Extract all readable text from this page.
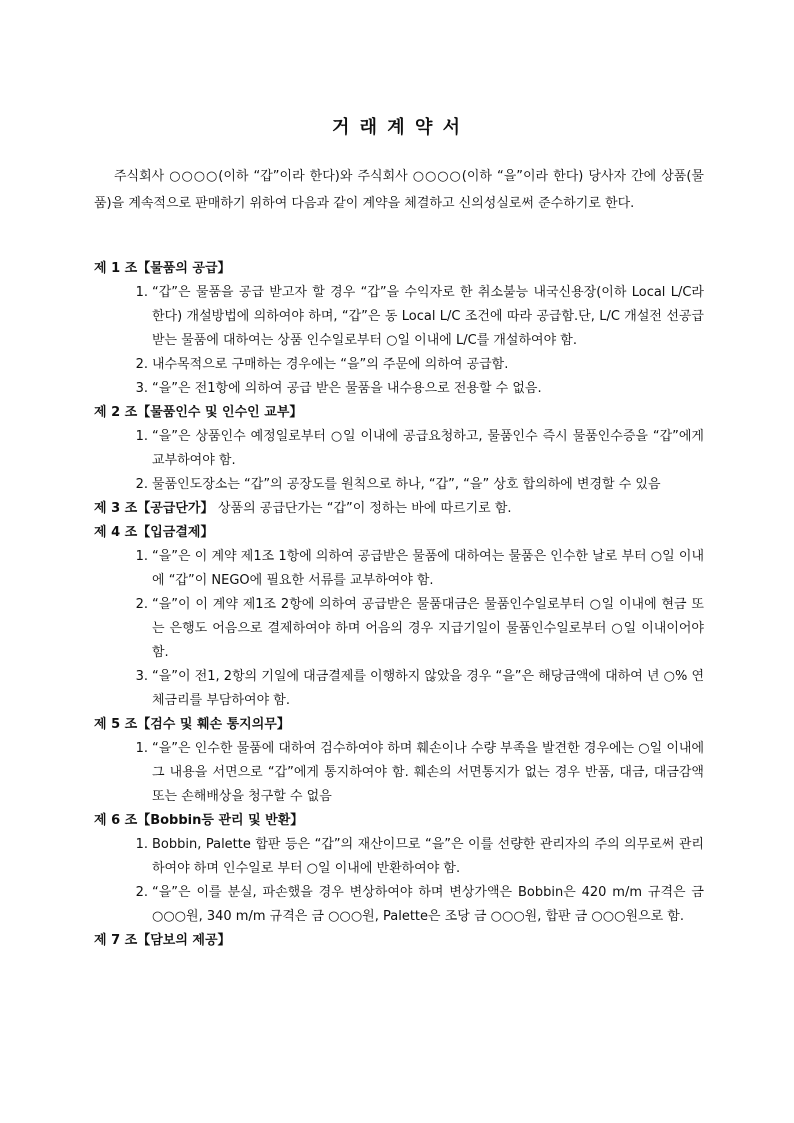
거 래 계 약 서
주식회사 ○○○○(이하 “갑”이라 한다)와 주식회사 ○○○○(이하 “을”이라 한다) 당사자 간에 상품(물품)을 계속적으로 판매하기 위하여 다음과 같이 계약을 체결하고 신의성실로써 준수하기로 한다.
제 1 조【물품의 공급】
1. “갑”은 물품을 공급 받고자 할 경우 “갑”을 수익자로 한 취소불능 내국신용장(이하 Local L/C라 한다) 개설방법에 의하여야 하며, “갑”은 동 Local L/C 조건에 따라 공급함.단, L/C 개설전 선공급 받는 물품에 대하여는 상품 인수일로부터 ○일 이내에 L/C를 개설하여야 함.
2. 내수목적으로 구매하는 경우에는 “을”의 주문에 의하여 공급함.
3. “을”은 전1항에 의하여 공급 받은 물품을 내수용으로 전용할 수 없음.
제 2 조【물품인수 및 인수인 교부】
1. “을”은 상품인수 예정일로부터 ○일 이내에 공급요청하고, 물품인수 즉시 물품인수증을 “갑”에게 교부하여야 함.
2. 물품인도장소는 “갑”의 공장도를 원칙으로 하나, “갑”, “을” 상호 합의하에 변경할 수 있음
제 3 조【공급단가】 상품의 공급단가는 “갑”이 정하는 바에 따르기로 함.
제 4 조【입금결제】
1. “을”은 이 계약 제1조 1항에 의하여 공급받은 물품에 대하여는 물품은 인수한 날로 부터 ○일 이내에 “갑”이 NEGO에 필요한 서류를 교부하여야 함.
2. “을”이 이 계약 제1조 2항에 의하여 공급받은 물품대금은 물품인수일로부터 ○일 이내에 현금 또는 은행도 어음으로 결제하여야 하며 어음의 경우 지급기일이 물품인수일로부터 ○일 이내이어야 함.
3. “을”이 전1, 2항의 기일에 대금결제를 이행하지 않았을 경우 “을”은 해당금액에 대하여 년 ○% 연체금리를 부담하여야 함.
제 5 조【검수 및 훼손 통지의무】
1. “을”은 인수한 물품에 대하여 검수하여야 하며 훼손이나 수량 부족을 발견한 경우에는 ○일 이내에 그 내용을 서면으로 “갑”에게 통지하여야 함. 훼손의 서면통지가 없는 경우 반품, 대금, 대금감액 또는 손해배상을 청구할 수 없음
제 6 조【Bobbin등 관리 및 반환】
1. Bobbin, Palette 합판 등은 “갑”의 재산이므로 “을”은 이를 선량한 관리자의 주의 의무로써 관리하여야 하며 인수일로 부터 ○일 이내에 반환하여야 함.
2. “을”은 이를 분실, 파손했을 경우 변상하여야 하며 변상가액은 Bobbin은 420 m/m 규격은 금 ○○○원, 340 m/m 규격은 금 ○○○원, Palette은 조당 금 ○○○원, 합판 금 ○○○원으로 함.
제 7 조【담보의 제공】
